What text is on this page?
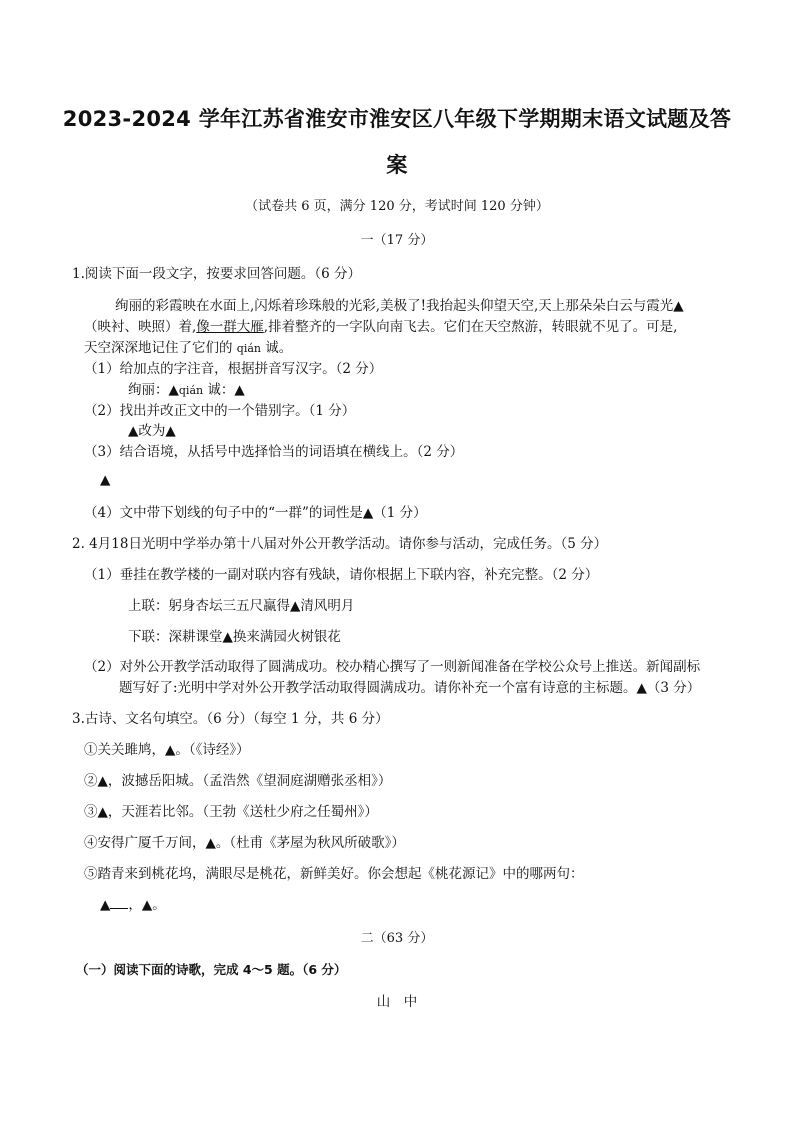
2023-2024 学年江苏省淮安市淮安区八年级下学期期末语文试题及答
案
（试卷共 6 页，满分 120 分，考试时间 120 分钟）
一（17 分）
1.阅读下面一段文字，按要求回答问题。（6 分）
绚丽的彩霞映在水面上,闪烁着珍珠般的光彩,美极了!我抬起头仰望天空,天上那朵朵白云与霞光▲
（映衬、映照）着,像一群大雁,排着整齐的一字队向南飞去。它们在天空熬游，转眼就不见了。可是,
天空深深地记住了它们的 qián 诚。
（1）给加点的字注音，根据拼音写汉字。（2 分）
绚丽：▲qián 诚：▲
（2）找出并改正文中的一个错别字。（1 分）
▲改为▲
（3）结合语境，从括号中选择恰当的词语填在横线上。（2 分）
▲
（4）文中带下划线的句子中的“一群”的词性是▲（1 分）
2. 4月18日光明中学举办第十八届对外公开教学活动。请你参与活动，完成任务。（5 分）
（1）垂挂在教学楼的一副对联内容有残缺，请你根据上下联内容，补充完整。（2 分）
上联：躬身杏坛三五尺赢得▲清风明月
下联：深耕课堂▲换来满园火树银花
（2）对外公开教学活动取得了圆满成功。校办精心撰写了一则新闻准备在学校公众号上推送。新闻副标
题写好了:光明中学对外公开教学活动取得圆满成功。请你补充一个富有诗意的主标题。▲（3 分）
3.古诗、文名句填空。（6 分）（每空 1 分，共 6 分）
①关关雎鸠，▲。（《诗经》）
②▲，波撼岳阳城。（孟浩然《望洞庭湖赠张丞相》）
③▲，天涯若比邻。（王勃《送杜少府之任蜀州》）
④安得广厦千万间，▲。（杜甫《茅屋为秋风所破歌》）
⑤踏青来到桃花坞，满眼尽是桃花，新鲜美好。你会想起《桃花源记》中的哪两句：
▲ ，▲。
二（63 分）
（一）阅读下面的诗歌，完成 4～5 题。（6 分）
山　中
